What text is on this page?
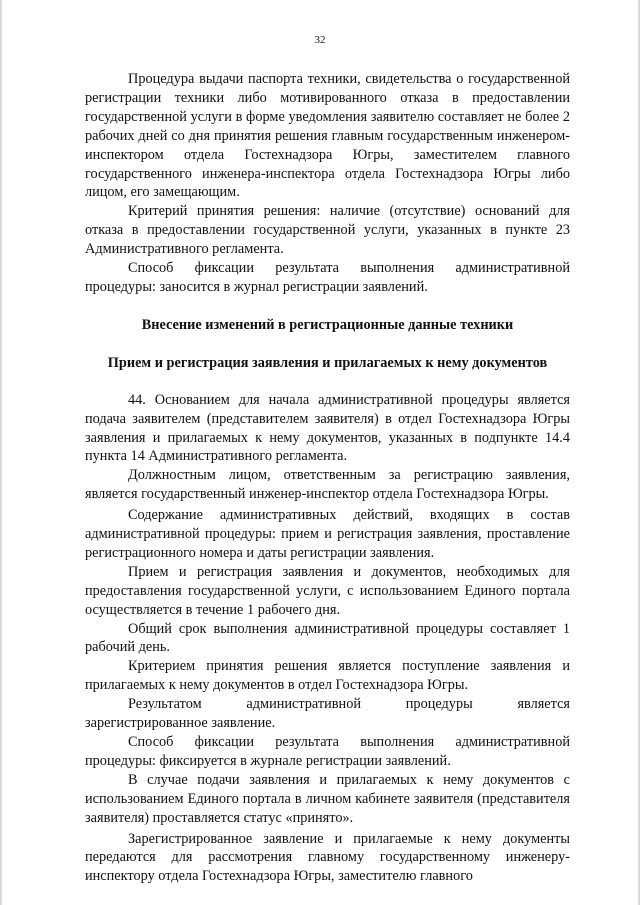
32

Процедура выдачи паспорта техники, свидетельства о государственной регистрации техники либо мотивированного отказа в предоставлении государственной услуги в форме уведомления заявителю составляет не более 2 рабочих дней со дня принятия решения главным государственным инженером-инспектором отдела Гостехнадзора Югры, заместителем главного государственного инженера-инспектора отдела Гостехнадзора Югры либо лицом, его замещающим.

Критерий принятия решения: наличие (отсутствие) оснований для отказа в предоставлении государственной услуги, указанных в пункте 23 Административного регламента.

Способ фиксации результата выполнения административной процедуры: заносится в журнал регистрации заявлений.

Внесение изменений в регистрационные данные техники
Прием и регистрация заявления и прилагаемых к нему документов

44. Основанием для начала административной процедуры является подача заявителем (представителем заявителя) в отдел Гостехнадзора Югры заявления и прилагаемых к нему документов, указанных в подпункте 14.4 пункта 14 Административного регламента.

Должностным лицом, ответственным за регистрацию заявления, является государственный инженер-инспектор отдела Гостехнадзора Югры.

Содержание административных действий, входящих в состав административной процедуры: прием и регистрация заявления, проставление регистрационного номера и даты регистрации заявления.

Прием и регистрация заявления и документов, необходимых для предоставления государственной услуги, с использованием Единого портала осуществляется в течение 1 рабочего дня.

Общий срок выполнения административной процедуры составляет 1 рабочий день.

Критерием принятия решения является поступление заявления и прилагаемых к нему документов в отдел Гостехнадзора Югры.

Результатом административной процедуры является зарегистрированное заявление.

Способ фиксации результата выполнения административной процедуры: фиксируется в журнале регистрации заявлений.

В случае подачи заявления и прилагаемых к нему документов с использованием Единого портала в личном кабинете заявителя (представителя заявителя) проставляется статус «принято».

Зарегистрированное заявление и прилагаемые к нему документы передаются для рассмотрения главному государственному инженеру-инспектору отдела Гостехнадзора Югры, заместителю главного
